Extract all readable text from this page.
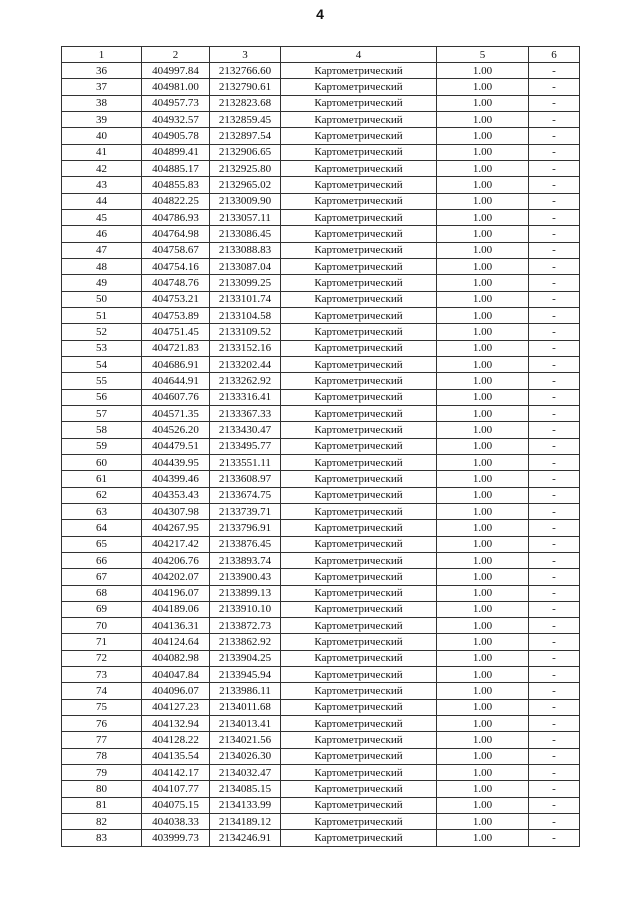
4
1	2	3	4	5	6
36	404997.84	2132766.60	Картометрический	1.00	-
37	404981.00	2132790.61	Картометрический	1.00	-
38	404957.73	2132823.68	Картометрический	1.00	-
39	404932.57	2132859.45	Картометрический	1.00	-
40	404905.78	2132897.54	Картометрический	1.00	-
41	404899.41	2132906.65	Картометрический	1.00	-
42	404885.17	2132925.80	Картометрический	1.00	-
43	404855.83	2132965.02	Картометрический	1.00	-
44	404822.25	2133009.90	Картометрический	1.00	-
45	404786.93	2133057.11	Картометрический	1.00	-
46	404764.98	2133086.45	Картометрический	1.00	-
47	404758.67	2133088.83	Картометрический	1.00	-
48	404754.16	2133087.04	Картометрический	1.00	-
49	404748.76	2133099.25	Картометрический	1.00	-
50	404753.21	2133101.74	Картометрический	1.00	-
51	404753.89	2133104.58	Картометрический	1.00	-
52	404751.45	2133109.52	Картометрический	1.00	-
53	404721.83	2133152.16	Картометрический	1.00	-
54	404686.91	2133202.44	Картометрический	1.00	-
55	404644.91	2133262.92	Картометрический	1.00	-
56	404607.76	2133316.41	Картометрический	1.00	-
57	404571.35	2133367.33	Картометрический	1.00	-
58	404526.20	2133430.47	Картометрический	1.00	-
59	404479.51	2133495.77	Картометрический	1.00	-
60	404439.95	2133551.11	Картометрический	1.00	-
61	404399.46	2133608.97	Картометрический	1.00	-
62	404353.43	2133674.75	Картометрический	1.00	-
63	404307.98	2133739.71	Картометрический	1.00	-
64	404267.95	2133796.91	Картометрический	1.00	-
65	404217.42	2133876.45	Картометрический	1.00	-
66	404206.76	2133893.74	Картометрический	1.00	-
67	404202.07	2133900.43	Картометрический	1.00	-
68	404196.07	2133899.13	Картометрический	1.00	-
69	404189.06	2133910.10	Картометрический	1.00	-
70	404136.31	2133872.73	Картометрический	1.00	-
71	404124.64	2133862.92	Картометрический	1.00	-
72	404082.98	2133904.25	Картометрический	1.00	-
73	404047.84	2133945.94	Картометрический	1.00	-
74	404096.07	2133986.11	Картометрический	1.00	-
75	404127.23	2134011.68	Картометрический	1.00	-
76	404132.94	2134013.41	Картометрический	1.00	-
77	404128.22	2134021.56	Картометрический	1.00	-
78	404135.54	2134026.30	Картометрический	1.00	-
79	404142.17	2134032.47	Картометрический	1.00	-
80	404107.77	2134085.15	Картометрический	1.00	-
81	404075.15	2134133.99	Картометрический	1.00	-
82	404038.33	2134189.12	Картометрический	1.00	-
83	403999.73	2134246.91	Картометрический	1.00	-
